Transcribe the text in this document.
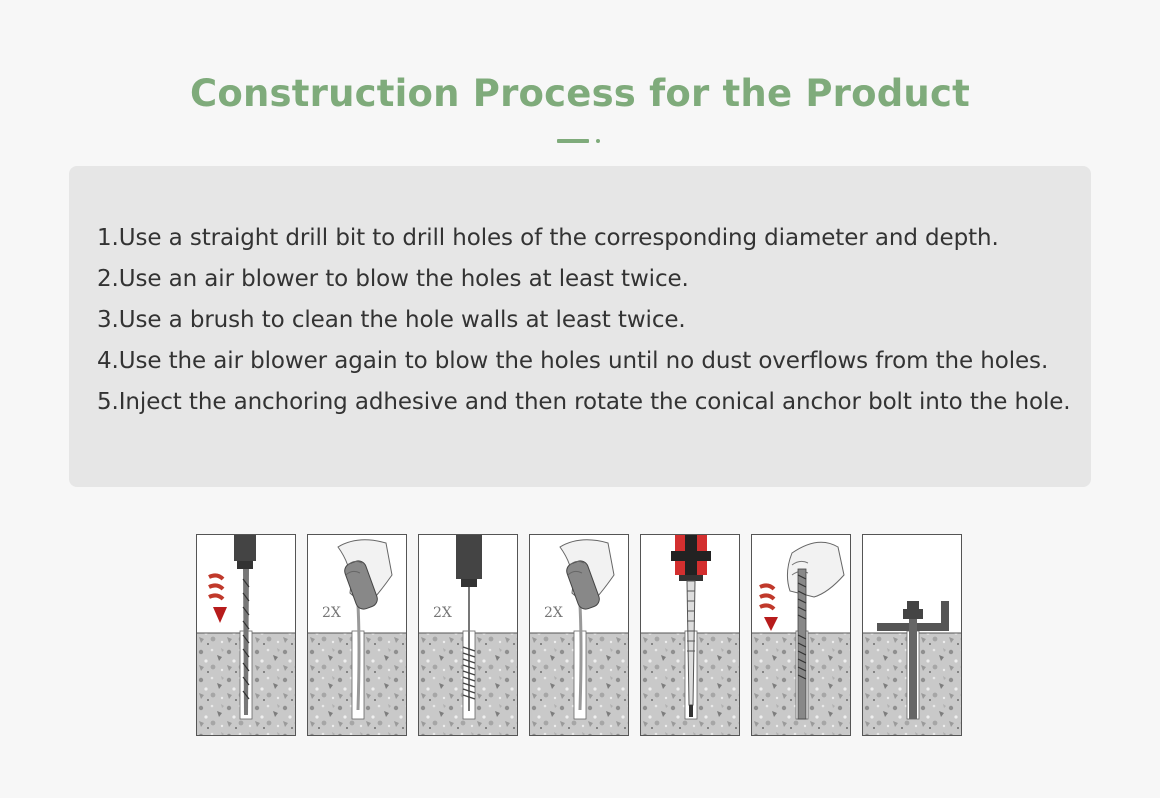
Construction Process for the Product
1.Use a straight drill bit to drill holes of the corresponding diameter and depth.
2.Use an air blower to blow the holes at least twice.
3.Use a brush to clean the hole walls at least twice.
4.Use the air blower again to blow the holes until no dust overflows from the holes.
5.Inject the anchoring adhesive and then rotate the conical anchor bolt into the hole.
2X	2X	2X
